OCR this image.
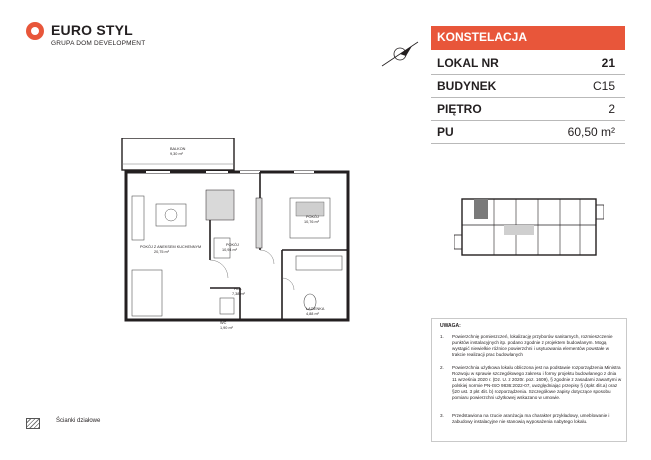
EURO STYL
GRUPA DOM DEVELOPMENT	KONSTELACJA
LOKAL NR	21
BUDYNEK	C15
PIĘTRO	2
PU	60,50 m²
BALKON
9,30 m²
POKÓJ Z ANEKSEM KUCHENNYM
20,75 m²
POKÓJ
10,94 m²
POKÓJ
10,76 m²
HOL
7,38 m²
ŁAZIENKA
4,88 m²
WC
1,90 m²	UWAGA:
1. Powierzchnię pomieszczeń, lokalizację przyborów sanitarnych, rozmieszczenie punktów instalacyjnych itp. podano zgodnie z projektem budowlanym. Mogą wystąpić niewielkie różnice powierzchni i usytuowania elementów powstałe w trakcie realizacji prac budowlanych
2. Powierzchnia użytkowa lokalu obliczona jest na podstawie rozporządzenia Ministra Rozwoju w sprawie szczegółowego zakresu i formy projektu budowlanego z dnia 11 września 2020 r. (Dz. U. z 2020r. poz. 1609), § zgodnie z zasadami zawartymi w polskiej normie PN-ISO 9836:2022-07, uwzględniając przepisy § (4pkt 4lit.a) oraz §20 ust. 3 pkt 4lit. b) rozporządzenia. Szczegółowe zapisy dotyczące sposobu pomiaru powierzchni użytkowej wskazano w umowie.
3. Przedstawiona na rzucie aranżacja ma charakter przykładowy, umeblowanie i zabudowy instalacyjne nie stanowią wyposażenia nabytego lokalu.
Ścianki działowe
